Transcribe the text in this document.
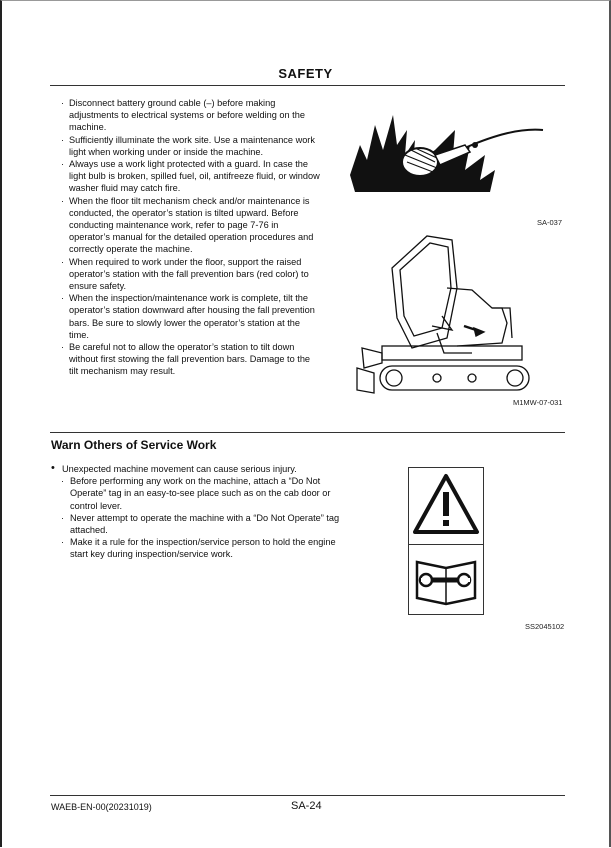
SAFETY

· Disconnect battery ground cable (–) before making adjustments to electrical systems or before welding on the machine.

· Sufficiently illuminate the work site. Use a maintenance work light when working under or inside the machine.

· Always use a work light protected with a guard. In case the light bulb is broken, spilled fuel, oil, antifreeze fluid, or window washer fluid may catch fire.

· When the floor tilt mechanism check and/or maintenance is conducted, the operator’s station is tilted upward. Before conducting maintenance work, refer to page 7-76 in operator’s manual for the detailed operation procedures and correctly operate the machine.

· When required to work under the floor, support the raised operator’s station with the fall prevention bars (red color) to ensure safety.

· When the inspection/maintenance work is complete, tilt the operator’s station downward after housing the fall prevention bars. Be sure to slowly lower the operator’s station at the time.

· Be careful not to allow the operator’s station to tilt down without first stowing the fall prevention bars. Damage to the tilt mechanism may result.

SA-037
M1MW-07-031
Warn Others of Service Work
• Unexpected machine movement can cause serious injury.
· Before performing any work on the machine, attach a “Do Not Operate” tag in an easy-to-see place such as on the cab door or control lever.
· Never attempt to operate the machine with a “Do Not Operate” tag attached.
· Make it a rule for the inspection/service person to hold the engine start key during inspection/service work.
SS2045102
WAEB-EN-00(20231019)	SA-24
